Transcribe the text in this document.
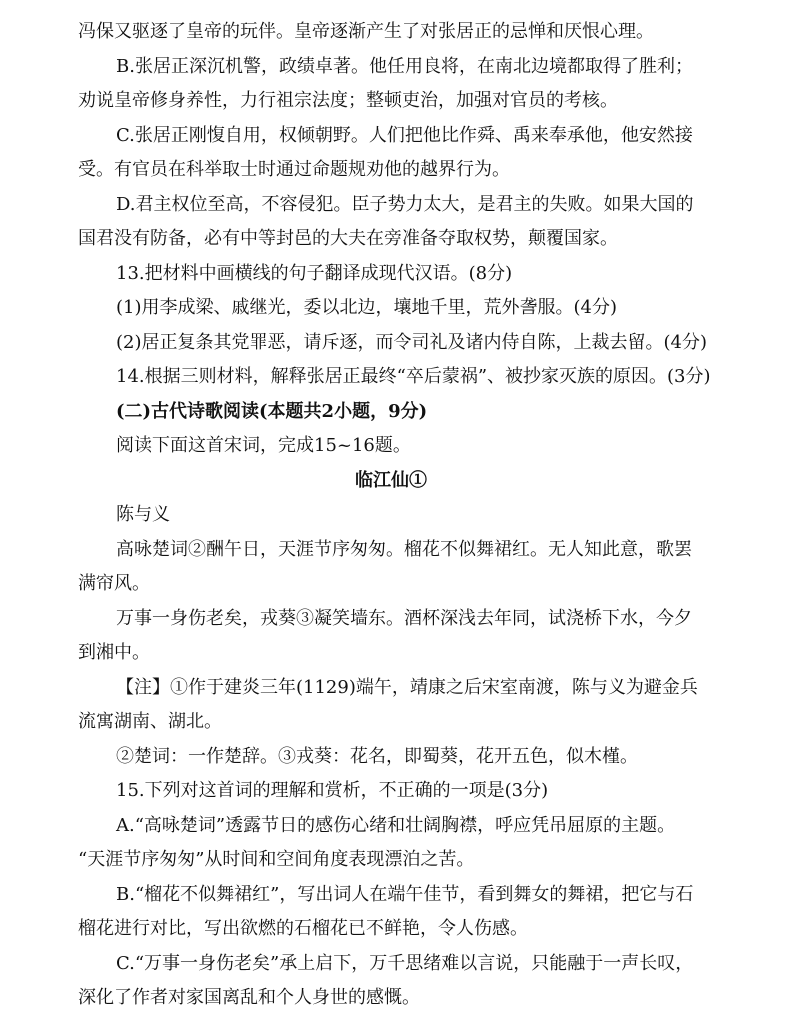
冯保又驱逐了皇帝的玩伴。皇帝逐渐产生了对张居正的忌惮和厌恨心理。

B.张居正深沉机警，政绩卓著。他任用良将，在南北边境都取得了胜利；

劝说皇帝修身养性，力行祖宗法度；整顿吏治，加强对官员的考核。

C.张居正刚愎自用，权倾朝野。人们把他比作舜、禹来奉承他，他安然接

受。有官员在科举取士时通过命题规劝他的越界行为。

D.君主权位至高，不容侵犯。臣子势力太大，是君主的失败。如果大国的

国君没有防备，必有中等封邑的大夫在旁准备夺取权势，颠覆国家。

13.把材料中画横线的句子翻译成现代汉语。(8分)

(1)用李成梁、戚继光，委以北边，壤地千里，荒外詟服。(4分)

(2)居正复条其党罪恶，请斥逐，而令司礼及诸内侍自陈，上裁去留。(4分)

14.根据三则材料，解释张居正最终“卒后蒙祸”、被抄家灭族的原因。(3分)

(二)古代诗歌阅读(本题共2小题，9分)

阅读下面这首宋词，完成15~16题。

临江仙①

陈与义

高咏楚词②酬午日，天涯节序匆匆。榴花不似舞裙红。无人知此意，歌罢

满帘风。

万事一身伤老矣，戎葵③凝笑墙东。酒杯深浅去年同，试浇桥下水，今夕

到湘中。

【注】①作于建炎三年(1129)端午，靖康之后宋室南渡，陈与义为避金兵

流寓湖南、湖北。

②楚词：一作楚辞。③戎葵：花名，即蜀葵，花开五色，似木槿。

15.下列对这首词的理解和赏析，不正确的一项是(3分)

A.“高咏楚词”透露节日的感伤心绪和壮阔胸襟，呼应凭吊屈原的主题。

“天涯节序匆匆”从时间和空间角度表现漂泊之苦。

B.“榴花不似舞裙红”，写出词人在端午佳节，看到舞女的舞裙，把它与石

榴花进行对比，写出欲燃的石榴花已不鲜艳，令人伤感。

C.“万事一身伤老矣”承上启下，万千思绪难以言说，只能融于一声长叹，

深化了作者对家国离乱和个人身世的感慨。
